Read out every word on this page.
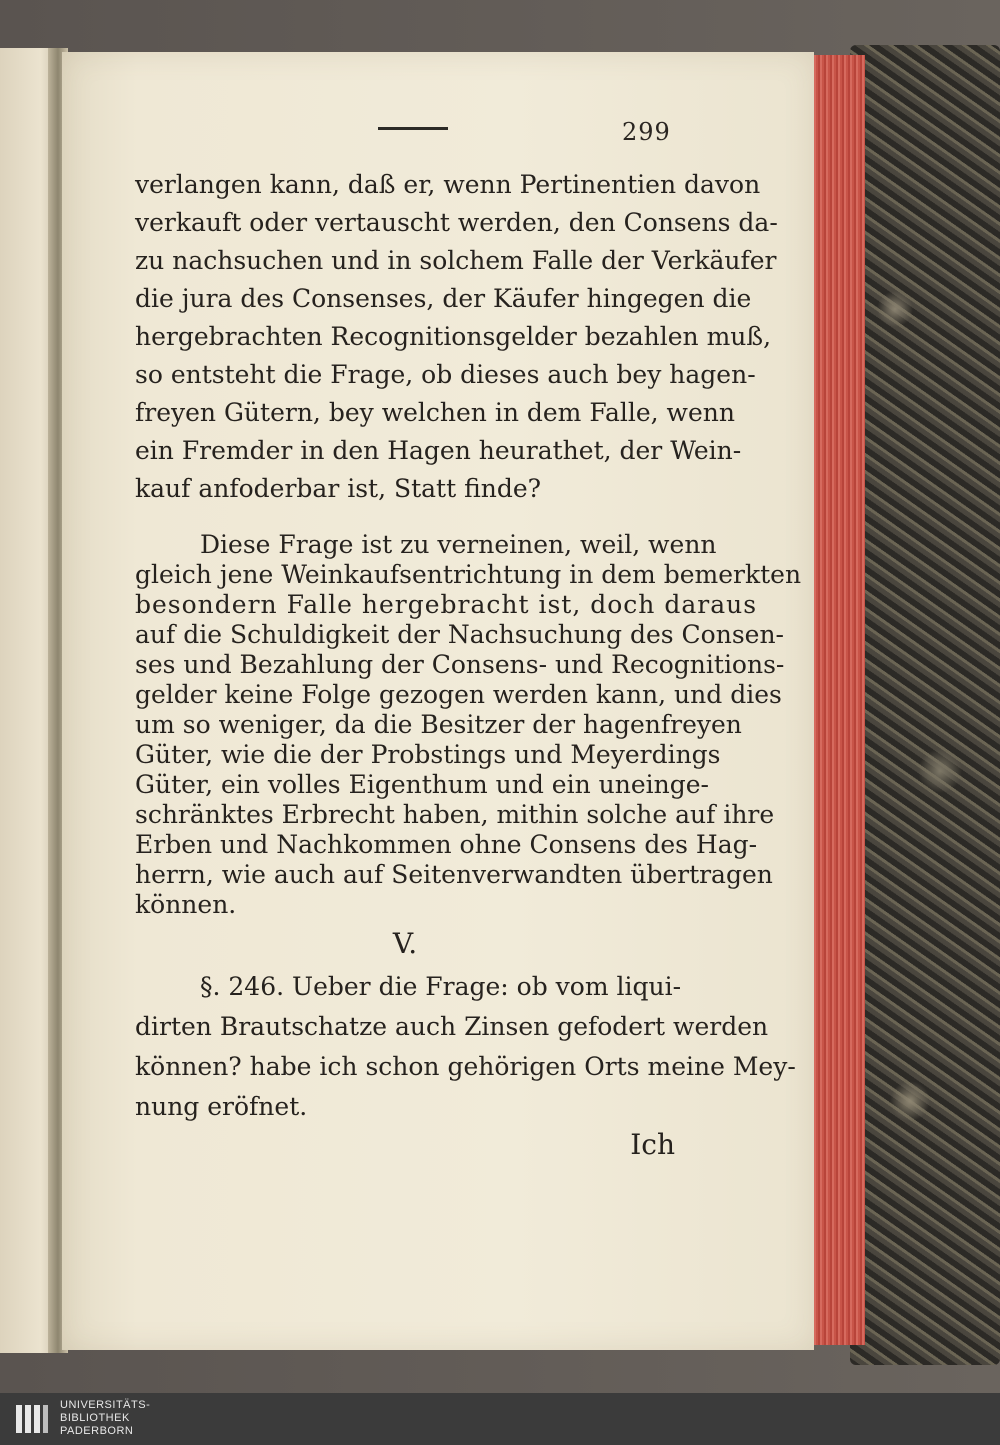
299
verlangen kann, daß er, wenn Pertinentien davon
verkauft oder vertauscht werden, den Consens da-
zu nachsuchen und in solchem Falle der Verkäufer
die jura des Consenses, der Käufer hingegen die
hergebrachten Recognitionsgelder bezahlen muß,
so entsteht die Frage, ob dieses auch bey hagen-
freyen Gütern, bey welchen in dem Falle, wenn
ein Fremder in den Hagen heurathet, der Wein-
kauf anfoderbar ist, Statt finde?
Diese Frage ist zu verneinen, weil, wenn
gleich jene Weinkaufsentrichtung in dem bemerkten
besondern Falle hergebracht ist, doch daraus
auf die Schuldigkeit der Nachsuchung des Consen-
ses und Bezahlung der Consens- und Recognitions-
gelder keine Folge gezogen werden kann, und dies
um so weniger, da die Besitzer der hagenfreyen
Güter, wie die der Probstings und Meyerdings
Güter, ein volles Eigenthum und ein uneinge-
schränktes Erbrecht haben, mithin solche auf ihre
Erben und Nachkommen ohne Consens des Hag-
herrn, wie auch auf Seitenverwandten übertragen
können.
V.
§. 246. Ueber die Frage: ob vom liqui-
dirten Brautschatze auch Zinsen gefodert werden
können? habe ich schon gehörigen Orts meine Mey-
nung eröfnet.
Ich
UNIVERSITÄTS-
BIBLIOTHEK
PADERBORN
